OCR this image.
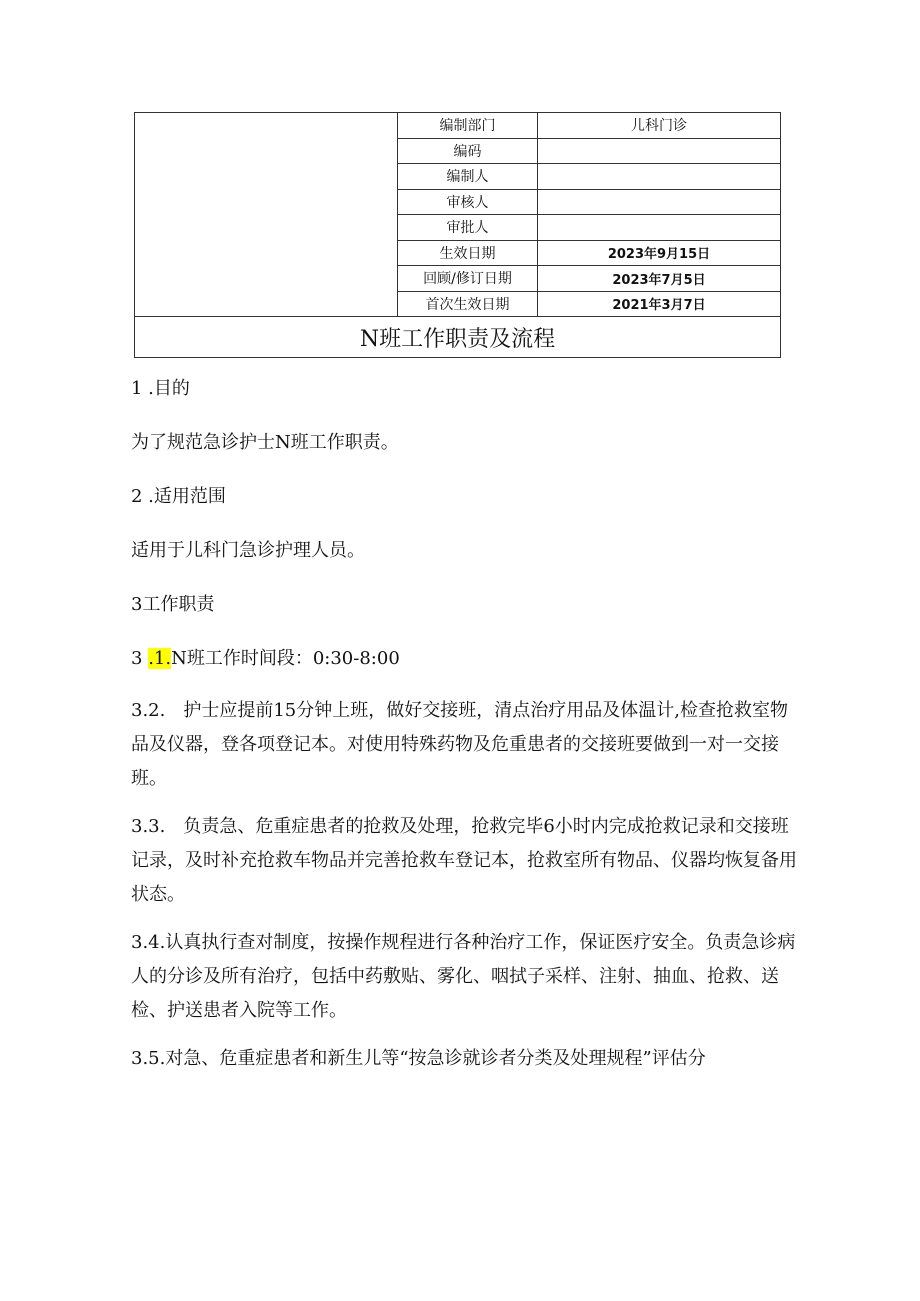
	编制部门	儿科门诊
	编码	
	编制人	
	审核人	
	审批人	
	生效日期	2023年9月15日
	回顾/修订日期	2023年7月5日
	首次生效日期	2021年3月7日
N班工作职责及流程		

1 .目的

为了规范急诊护士N班工作职责。

2 .适用范围

适用于儿科门急诊护理人员。

3工作职责

3 .1.N班工作时间段：0:30-8:00

3.2.　护士应提前15分钟上班，做好交接班，清点治疗用品及体温计,检查抢救室物品及仪器，登各项登记本。对使用特殊药物及危重患者的交接班要做到一对一交接班。

3.3.　负责急、危重症患者的抢救及处理，抢救完毕6小时内完成抢救记录和交接班记录，及时补充抢救车物品并完善抢救车登记本，抢救室所有物品、仪器均恢复备用状态。

3.4.认真执行查对制度，按操作规程进行各种治疗工作，保证医疗安全。负责急诊病人的分诊及所有治疗，包括中药敷贴、雾化、咽拭子采样、注射、抽血、抢救、送检、护送患者入院等工作。

3.5.对急、危重症患者和新生儿等“按急诊就诊者分类及处理规程”评估分
